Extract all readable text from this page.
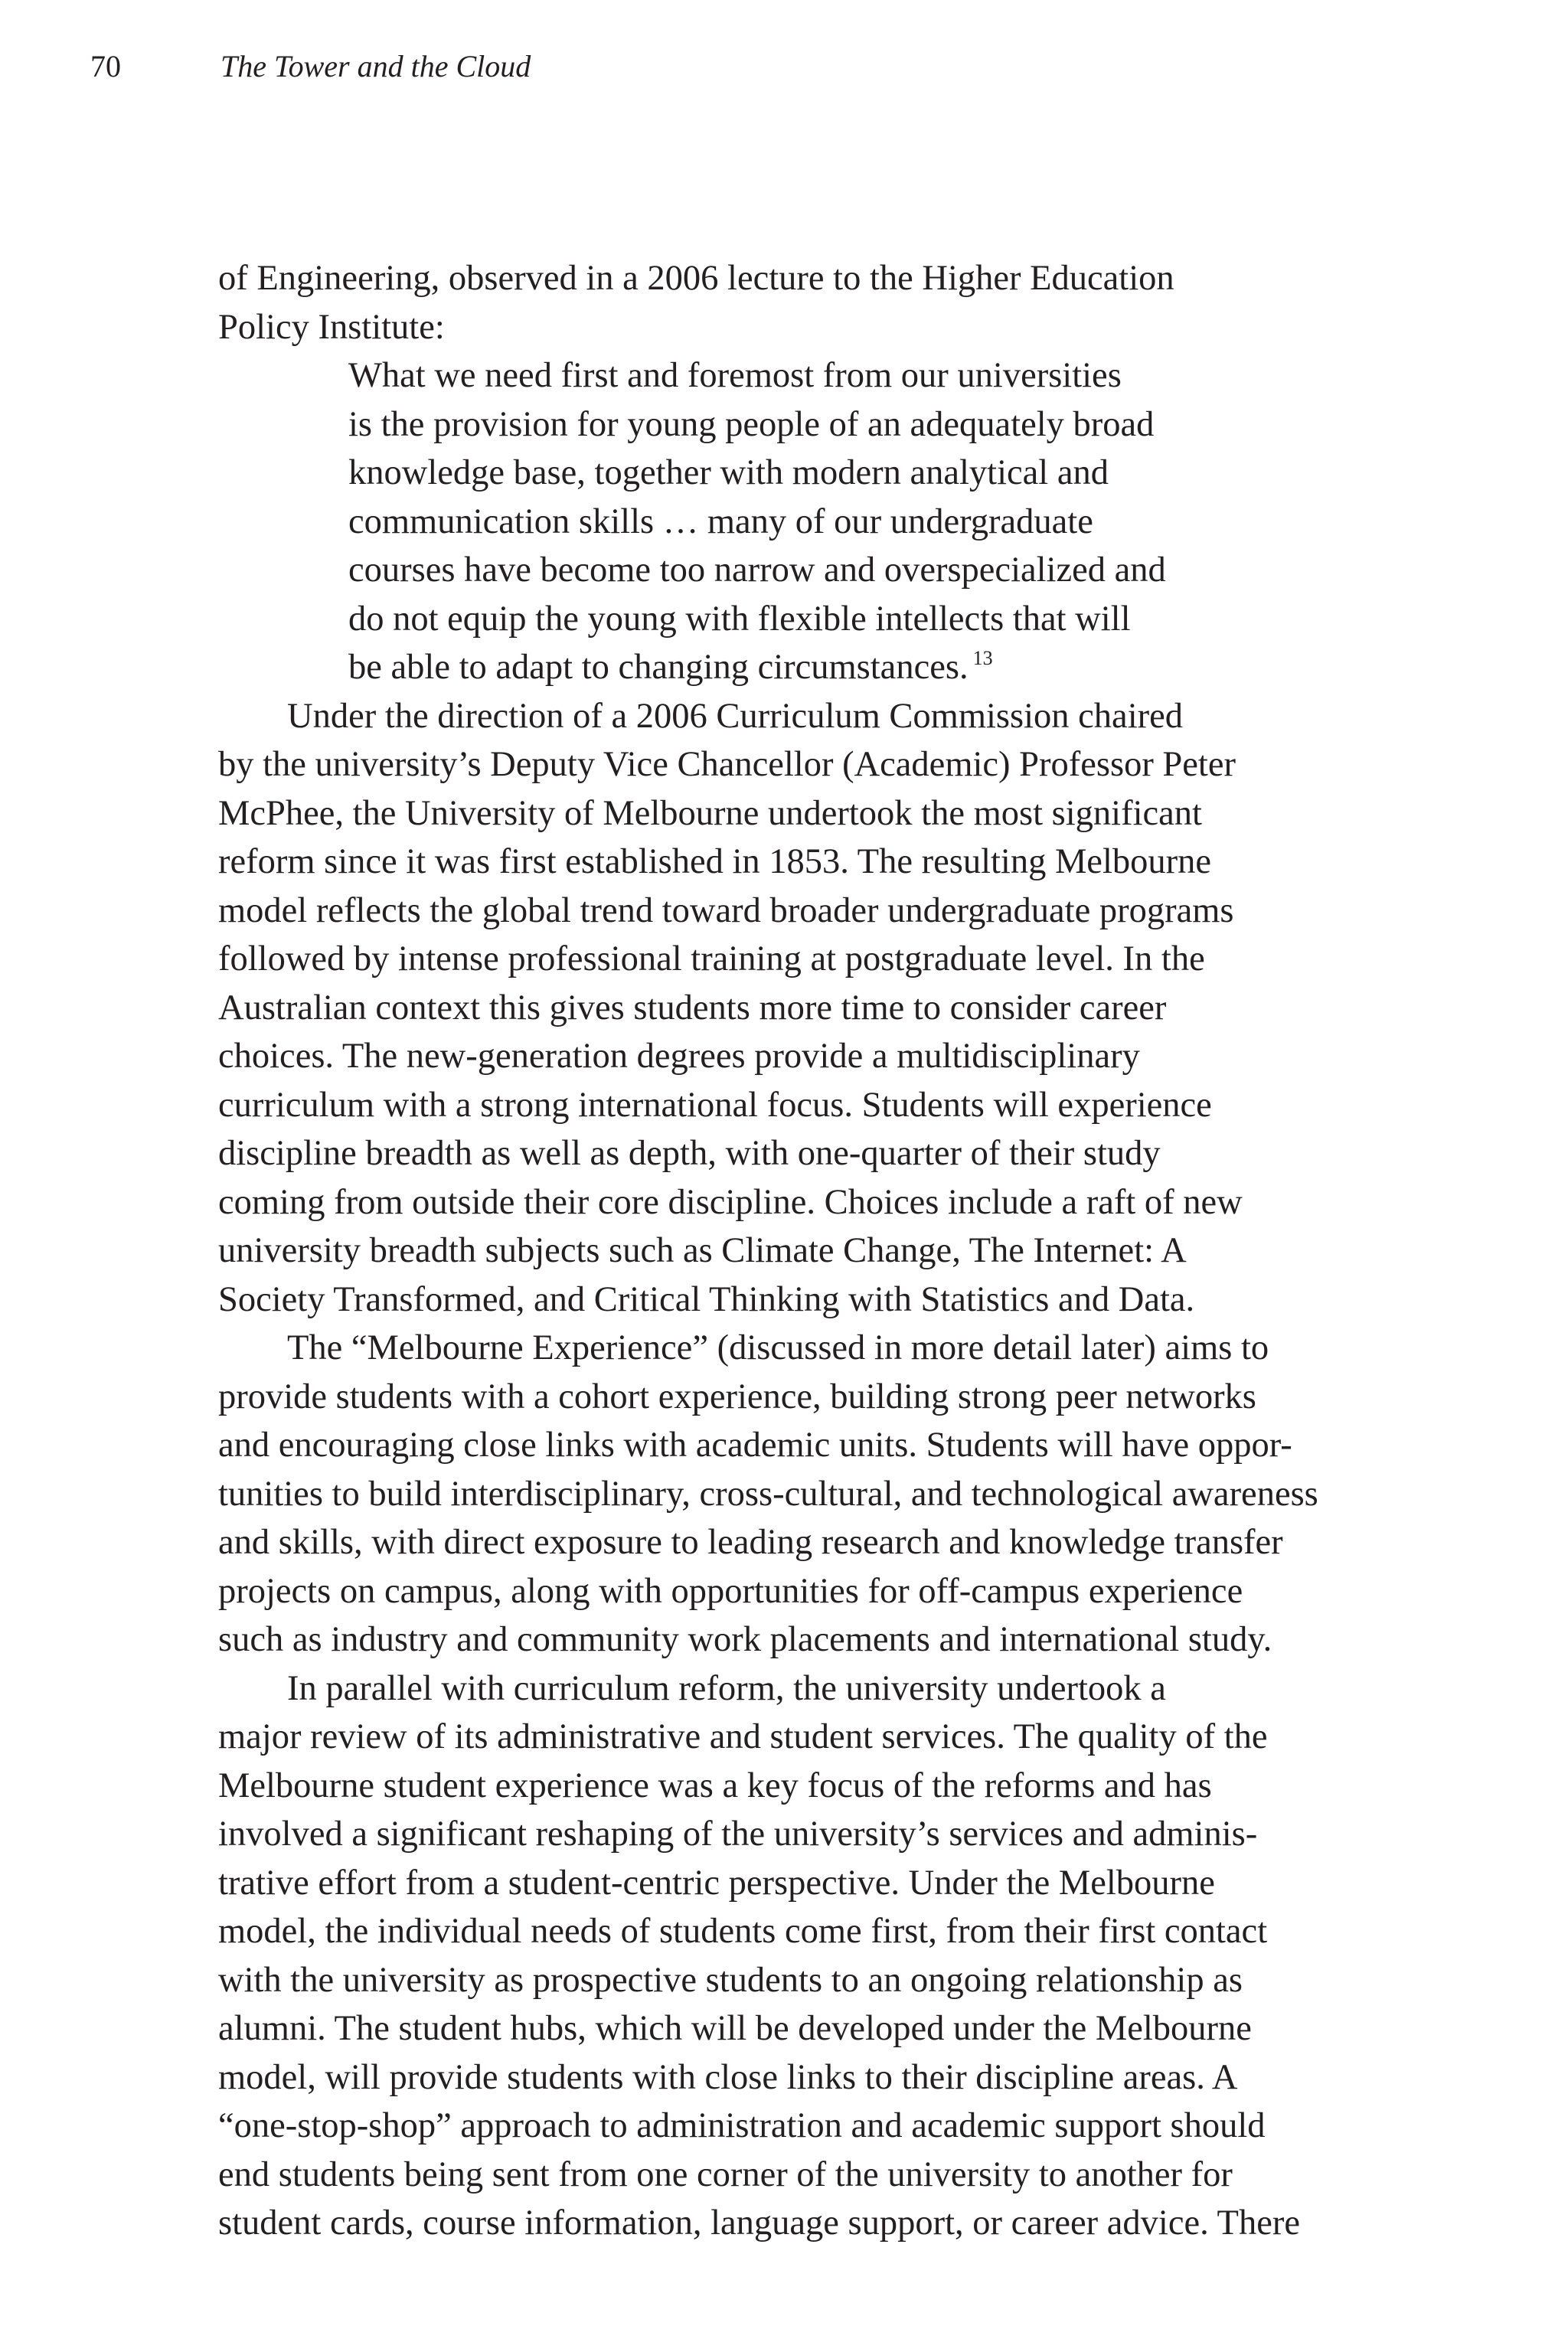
70	The Tower and the Cloud
of Engineering, observed in a 2006 lecture to the Higher Education
Policy Institute:
What we need first and foremost from our universities
is the provision for young people of an adequately broad
knowledge base, together with modern analytical and
communication skills … many of our undergraduate
courses have become too narrow and overspecialized and
do not equip the young with flexible intellects that will
be able to adapt to changing circumstances. $^{13}$
Under the direction of a 2006 Curriculum Commission chaired
by the university’s Deputy Vice Chancellor (Academic) Professor Peter
McPhee, the University of Melbourne undertook the most significant
reform since it was first established in 1853. The resulting Melbourne
model reflects the global trend toward broader undergraduate programs
followed by intense professional training at postgraduate level. In the
Australian context this gives students more time to consider career
choices. The new-generation degrees provide a multidisciplinary
curriculum with a strong international focus. Students will experience
discipline breadth as well as depth, with one-quarter of their study
coming from outside their core discipline. Choices include a raft of new
university breadth subjects such as Climate Change, The Internet: A
Society Transformed, and Critical Thinking with Statistics and Data.
The “Melbourne Experience” (discussed in more detail later) aims to
provide students with a cohort experience, building strong peer networks
and encouraging close links with academic units. Students will have oppor-
tunities to build interdisciplinary, cross-cultural, and technological awareness
and skills, with direct exposure to leading research and knowledge transfer
projects on campus, along with opportunities for off-campus experience
such as industry and community work placements and international study.
In parallel with curriculum reform, the university undertook a
major review of its administrative and student services. The quality of the
Melbourne student experience was a key focus of the reforms and has
involved a significant reshaping of the university’s services and adminis-
trative effort from a student-centric perspective. Under the Melbourne
model, the individual needs of students come first, from their first contact
with the university as prospective students to an ongoing relationship as
alumni. The student hubs, which will be developed under the Melbourne
model, will provide students with close links to their discipline areas. A
“one-stop-shop” approach to administration and academic support should
end students being sent from one corner of the university to another for
student cards, course information, language support, or career advice. There
